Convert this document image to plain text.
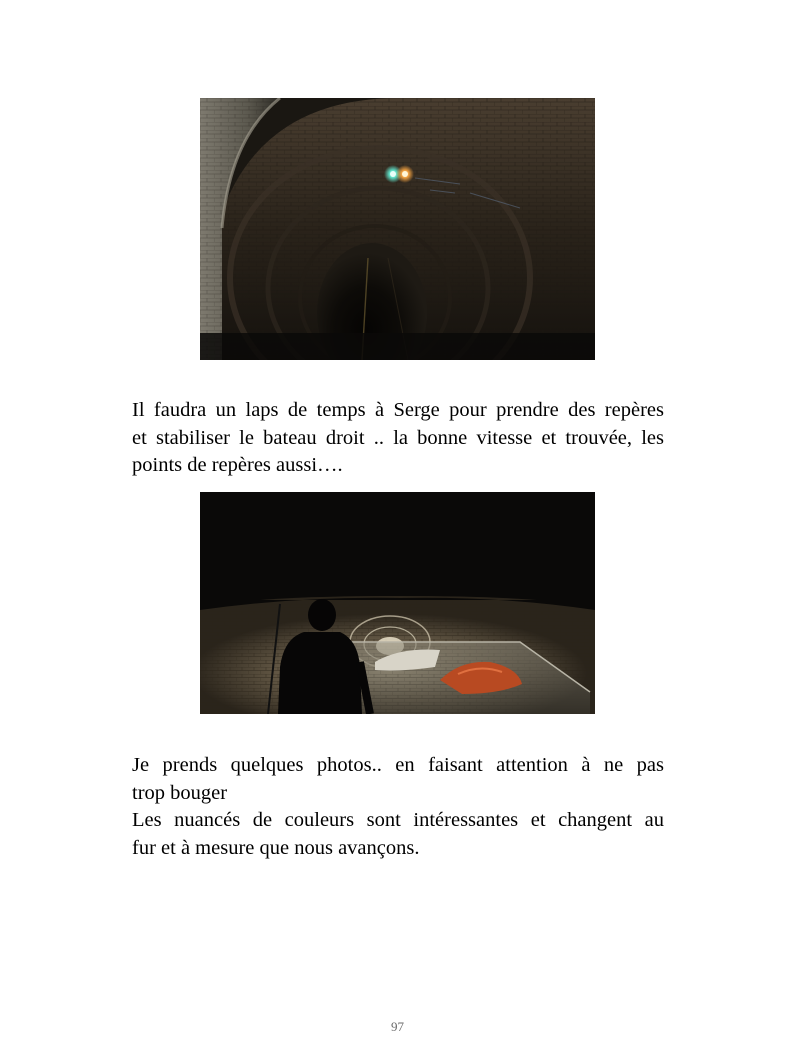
Il faudra un laps de temps à Serge pour prendre des repères
et stabiliser le bateau droit .. la bonne vitesse et trouvée, les
points de repères aussi….

Je prends quelques photos.. en faisant attention à ne pas
trop bouger
Les nuancés de couleurs sont intéressantes et changent au
fur et à mesure que nous avançons.

97
